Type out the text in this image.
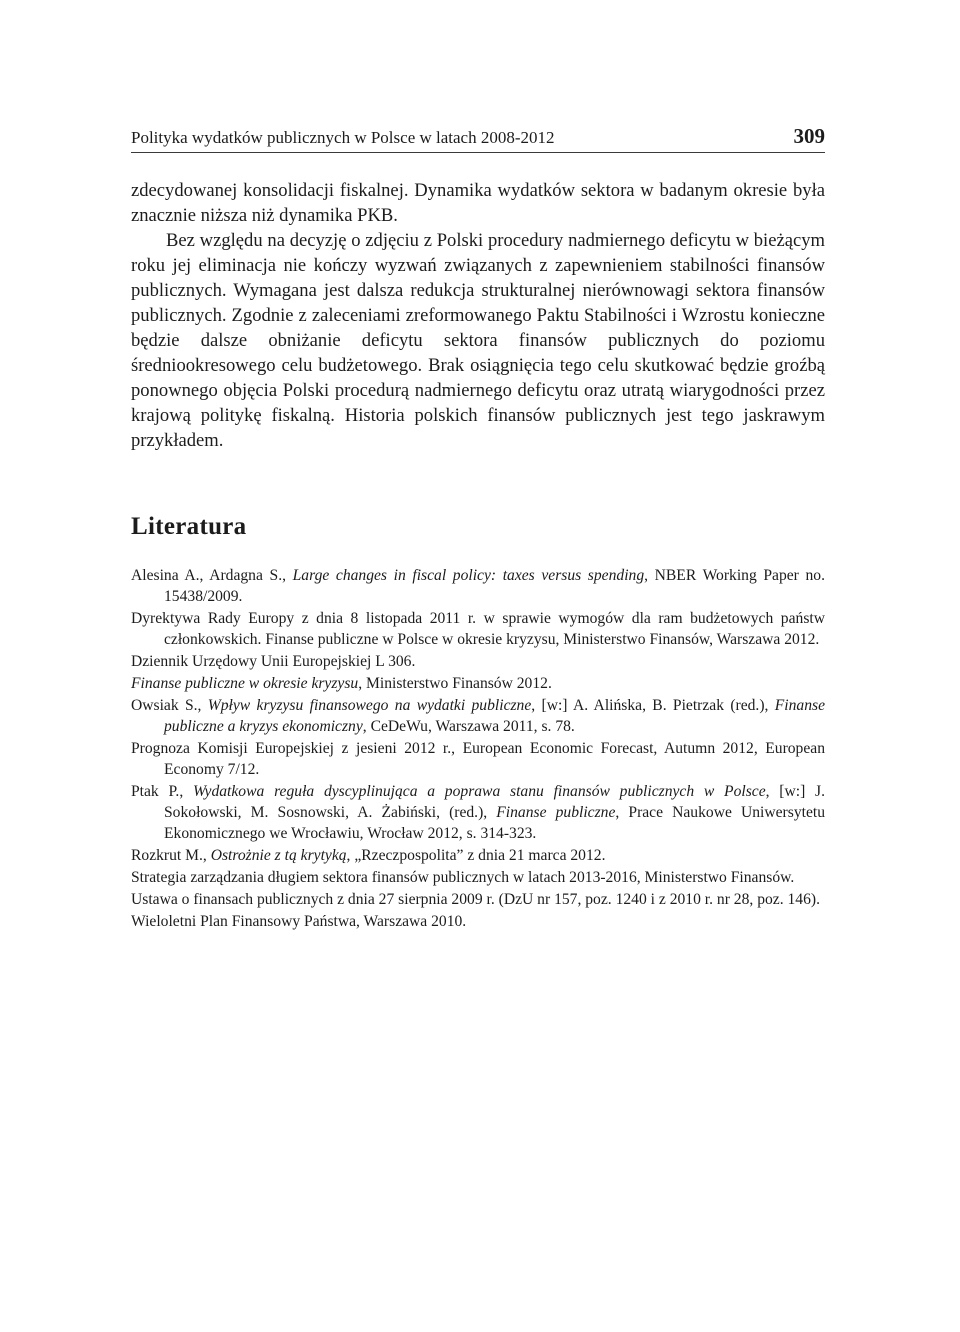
Polityka wydatków publicznych w Polsce w latach 2008-2012	309

zdecydowanej konsolidacji fiskalnej. Dynamika wydatków sektora w badanym okresie była znacznie niższa niż dynamika PKB.

Bez względu na decyzję o zdjęciu z Polski procedury nadmiernego deficytu w bieżącym roku jej eliminacja nie kończy wyzwań związanych z zapewnieniem stabilności finansów publicznych. Wymagana jest dalsza redukcja strukturalnej nierównowagi sektora finansów publicznych. Zgodnie z zaleceniami zreformowanego Paktu Stabilności i Wzrostu konieczne będzie dalsze obniżanie deficytu sektora finansów publicznych do poziomu średniookresowego celu budżetowego. Brak osiągnięcia tego celu skutkować będzie groźbą ponownego objęcia Polski procedurą nadmiernego deficytu oraz utratą wiarygodności przez krajową politykę fiskalną. Historia polskich finansów publicznych jest tego jaskrawym przykładem.

Literatura
Alesina A., Ardagna S., Large changes in fiscal policy: taxes versus spending, NBER Working Paper no. 15438/2009.
Dyrektywa Rady Europy z dnia 8 listopada 2011 r. w sprawie wymogów dla ram budżetowych państw członkowskich. Finanse publiczne w Polsce w okresie kryzysu, Ministerstwo Finansów, Warszawa 2012.
Dziennik Urzędowy Unii Europejskiej L 306.
Finanse publiczne w okresie kryzysu, Ministerstwo Finansów 2012.
Owsiak S., Wpływ kryzysu finansowego na wydatki publiczne, [w:] A. Alińska, B. Pietrzak (red.), Finanse publiczne a kryzys ekonomiczny, CeDeWu, Warszawa 2011, s. 78.
Prognoza Komisji Europejskiej z jesieni 2012 r., European Economic Forecast, Autumn 2012, European Economy 7/12.
Ptak P., Wydatkowa reguła dyscyplinująca a poprawa stanu finansów publicznych w Polsce, [w:] J. Sokołowski, M. Sosnowski, A. Żabiński, (red.), Finanse publiczne, Prace Naukowe Uniwersytetu Ekonomicznego we Wrocławiu, Wrocław 2012, s. 314-323.
Rozkrut M., Ostrożnie z tą krytyką, „Rzeczpospolita” z dnia 21 marca 2012.
Strategia zarządzania długiem sektora finansów publicznych w latach 2013-2016, Ministerstwo Finansów.
Ustawa o finansach publicznych z dnia 27 sierpnia 2009 r. (DzU nr 157, poz. 1240 i z 2010 r. nr 28, poz. 146).
Wieloletni Plan Finansowy Państwa, Warszawa 2010.
